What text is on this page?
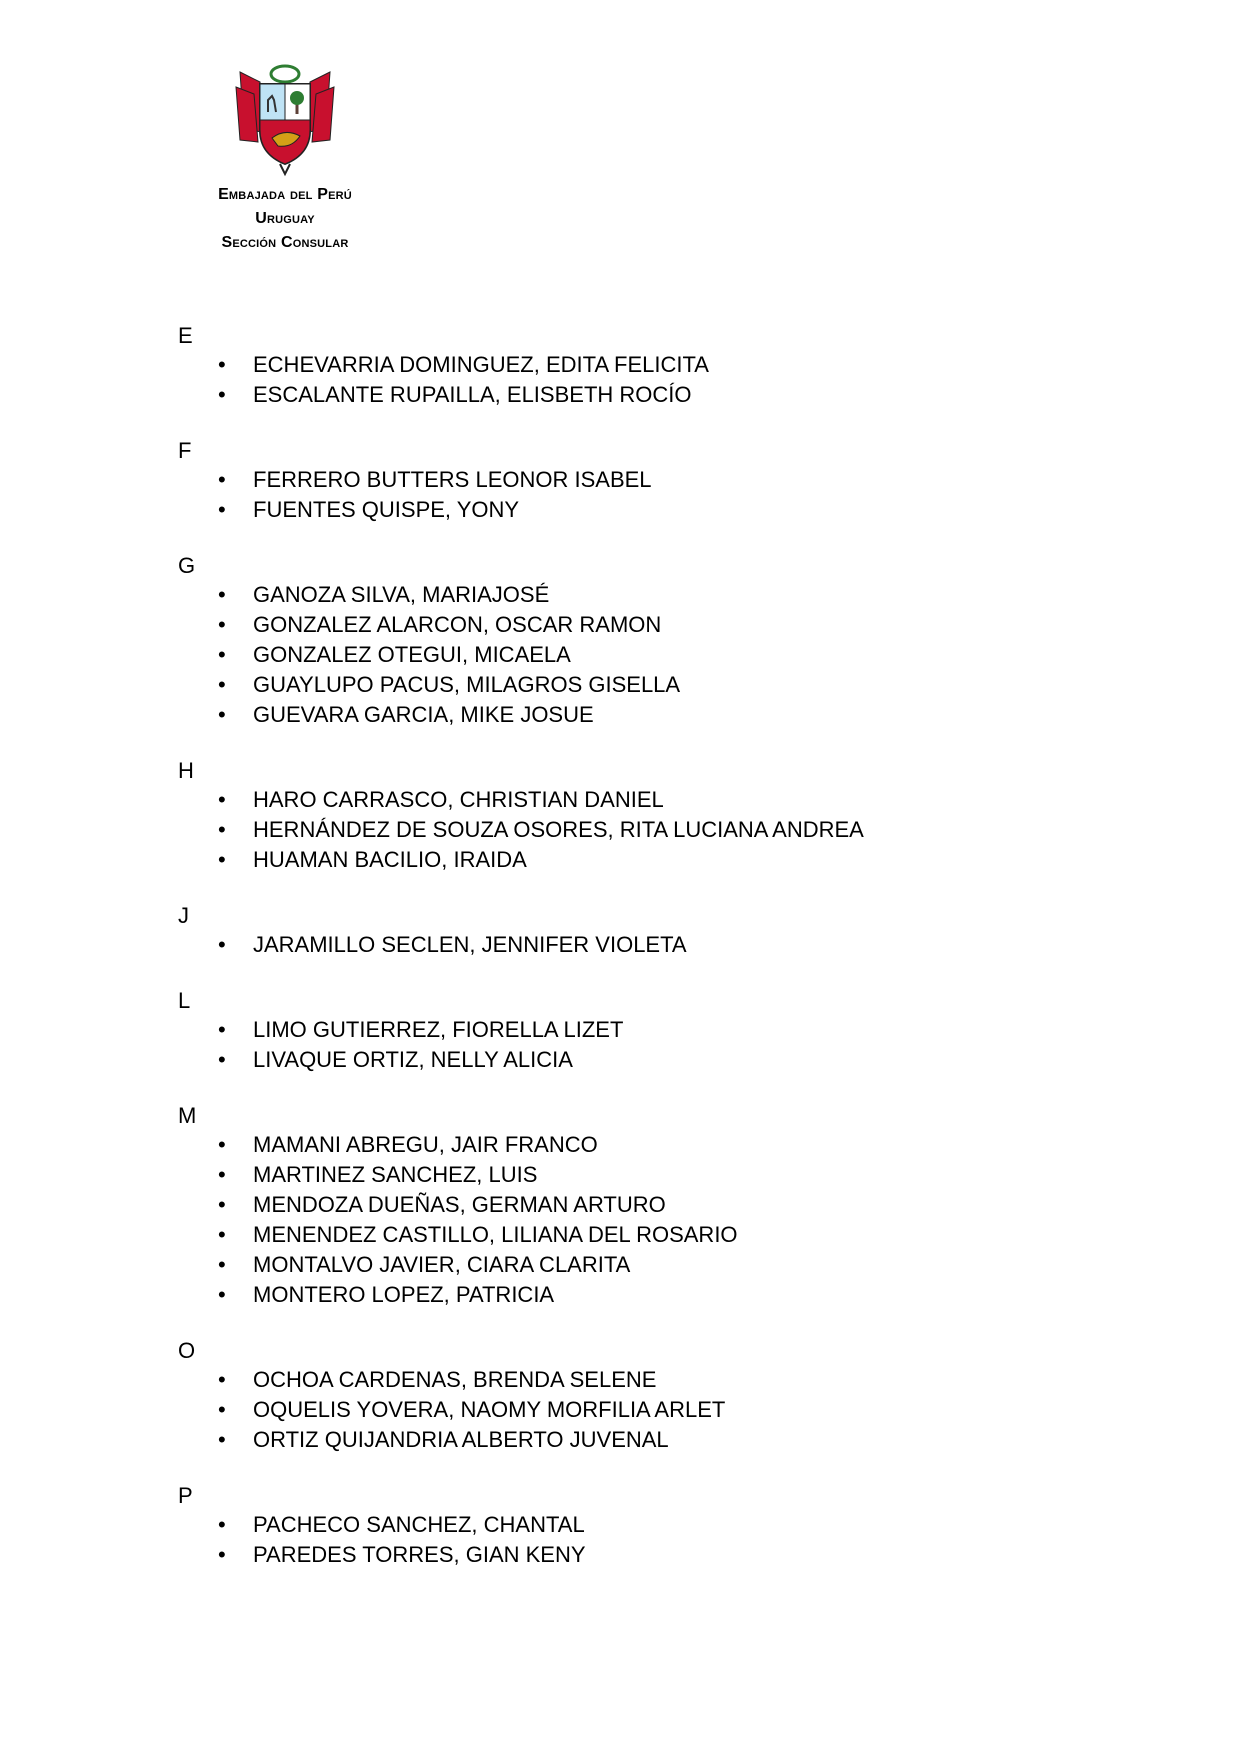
Embajada del Perú
Uruguay
Sección Consular
E
• ECHEVARRIA DOMINGUEZ, EDITA FELICITA
• ESCALANTE RUPAILLA, ELISBETH ROCÍO
F
• FERRERO BUTTERS LEONOR ISABEL
• FUENTES QUISPE, YONY
G
• GANOZA SILVA, MARIAJOSÉ
• GONZALEZ ALARCON, OSCAR RAMON
• GONZALEZ OTEGUI, MICAELA
• GUAYLUPO PACUS, MILAGROS GISELLA
• GUEVARA GARCIA, MIKE JOSUE
H
• HARO CARRASCO, CHRISTIAN DANIEL
• HERNÁNDEZ DE SOUZA OSORES, RITA LUCIANA ANDREA
• HUAMAN BACILIO, IRAIDA
J
• JARAMILLO SECLEN, JENNIFER VIOLETA
L
• LIMO GUTIERREZ, FIORELLA LIZET
• LIVAQUE ORTIZ, NELLY ALICIA
M
• MAMANI ABREGU, JAIR FRANCO
• MARTINEZ SANCHEZ, LUIS
• MENDOZA DUEÑAS, GERMAN ARTURO
• MENENDEZ CASTILLO, LILIANA DEL ROSARIO
• MONTALVO JAVIER, CIARA CLARITA
• MONTERO LOPEZ, PATRICIA
O
• OCHOA CARDENAS, BRENDA SELENE
• OQUELIS YOVERA, NAOMY MORFILIA ARLET
• ORTIZ QUIJANDRIA ALBERTO JUVENAL
P
• PACHECO SANCHEZ, CHANTAL
• PAREDES TORRES, GIAN KENY
